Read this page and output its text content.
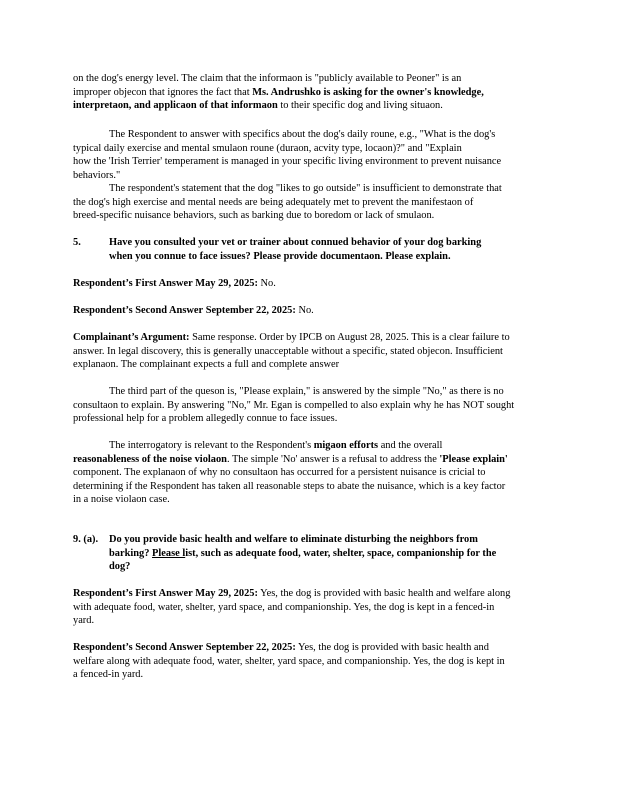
on the dog's energy level. The claim that the informaon is "publicly available to Peoner" is an
improper objecon that ignores the fact that Ms. Andrushko is asking for the owner's knowledge,
interpretaon, and applicaon of that informaon to their specific dog and living situaon.
The Respondent to answer with specifics about the dog's daily roune, e.g., "What is the dog's
typical daily exercise and mental smulaon roune (duraon, acvity type, locaon)?" and "Explain
how the 'Irish Terrier' temperament is managed in your specific living environment to prevent nuisance
behaviors."
The respondent's statement that the dog "likes to go outside" is insufficient to demonstrate that
the dog's high exercise and mental needs are being adequately met to prevent the manifestaon of
breed-specific nuisance behaviors, such as barking due to boredom or lack of smulaon.
5.	Have you consulted your vet or trainer about connued behavior of your dog barking
when you connue to face issues? Please provide documentaon. Please explain.
Respondent’s First Answer May 29, 2025: No.
Respondent’s Second Answer September 22, 2025: No.
Complainant’s Argument: Same response. Order by IPCB on August 28, 2025. This is a clear failure to
answer. In legal discovery, this is generally unacceptable without a specific, stated objecon. Insufficient
explanaon. The complainant expects a full and complete answer
The third part of the queson is, "Please explain," is answered by the simple "No," as there is no
consultaon to explain. By answering "No," Mr. Egan is compelled to also explain why he has NOT sought
professional help for a problem allegedly connue to face issues.
The interrogatory is relevant to the Respondent's migaon efforts and the overall
reasonableness of the noise violaon. The simple 'No' answer is a refusal to address the 'Please explain'
component. The explanaon of why no consultaon has occurred for a persistent nuisance is cricial to
determining if the Respondent has taken all reasonable steps to abate the nuisance, which is a key factor
in a noise violaon case.
9. (a). Do you provide basic health and welfare to eliminate disturbing the neighbors from
barking? Please list, such as adequate food, water, shelter, space, companionship for the
dog?
Respondent’s First Answer May 29, 2025: Yes, the dog is provided with basic health and welfare along
with adequate food, water, shelter, yard space, and companionship. Yes, the dog is kept in a fenced-in
yard.
Respondent’s Second Answer September 22, 2025: Yes, the dog is provided with basic health and
welfare along with adequate food, water, shelter, yard space, and companionship. Yes, the dog is kept in
a fenced-in yard.
